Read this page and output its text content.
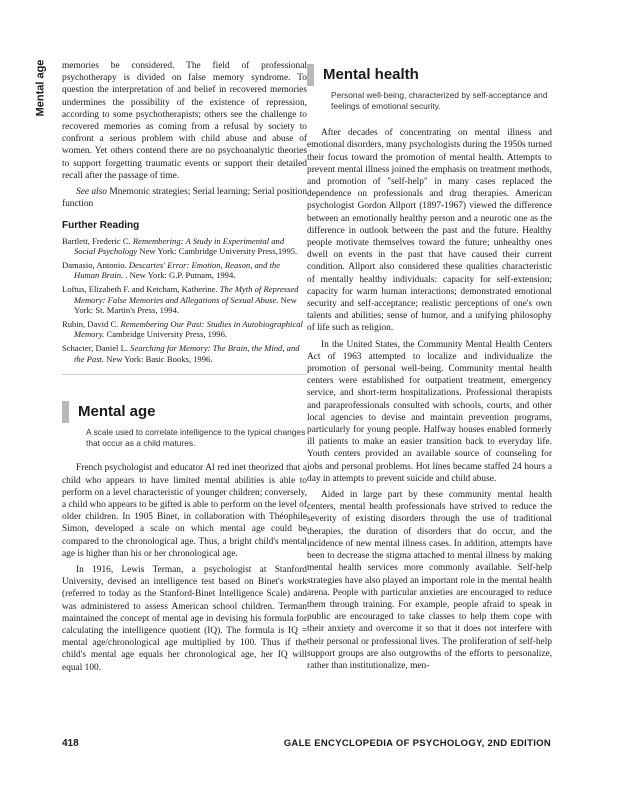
Mental age memories be considered. The field of professional psychotherapy is divided on false memory syndrome. To question the interpretation of and belief in recovered memories undermines the possibility of the existence of repression, according to some psychotherapists; others see the challenge to recovered memories as coming from a refusal by society to confront a serious problem with child abuse and abuse of women. Yet others contend there are no psychoanalytic theories to support forgetting traumatic events or support their detailed recall after the passage of time.

See also Mnemonic strategies; Serial learning; Serial position function

Further Reading

Bartlett, Frederic C. Remembering: A Study in Experimental and Social Psychology New York: Cambridge University Press,1995.

Damasio, Antonio. Descartes' Error: Emotion, Reason, and the Human Brain. . New York: G.P. Putnam, 1994.

Loftus, Elizabeth F. and Ketcham, Katherine. The Myth of Repressed Memory: False Memories and Allegations of Sexual Abuse. New York: St. Martin's Press, 1994.

Rubin, David C. Remembering Our Past: Studies in Autobiographical Memory. Cambridge University Press, 1996.

Schacter, Daniel L. Searching for Memory: The Brain, the Mind, and the Past. New York: Basic Books, 1996.

Mental age
A scale used to correlate intelligence to the typical changes that occur as a child matures.

French psychologist and educator Al red inet theorized that a child who appears to have limited mental abilities is able to perform on a level characteristic of younger children; conversely, a child who appears to be gifted is able to perform on the level of older children. In 1905 Binet, in collaboration with Théophile Simon, developed a scale on which mental age could be compared to the chronological age. Thus, a bright child's mental age is higher than his or her chronological age.

In 1916, Lewis Terman, a psychologist at Stanford University, devised an intelligence test based on Binet's work (referred to today as the Stanford-Binet Intelligence Scale) and was administered to assess American school children. Terman maintained the concept of mental age in devising his formula for calculating the intelligence quotient (IQ). The formula is IQ = mental age/chronological age multiplied by 100. Thus if the child's mental age equals her chronological age, her IQ will equal 100.

Mental health
Personal well-being, characterized by self-acceptance and feelings of emotional security.

After decades of concentrating on mental illness and emotional disorders, many psychologists during the 1950s turned their focus toward the promotion of mental health. Attempts to prevent mental illness joined the emphasis on treatment methods, and promotion of "self-help" in many cases replaced the dependence on professionals and drug therapies. American psychologist Gordon Allport (1897-1967) viewed the difference between an emotionally healthy person and a neurotic one as the difference in outlook between the past and the future. Healthy people motivate themselves toward the future; unhealthy ones dwell on events in the past that have caused their current condition. Allport also considered these qualities characteristic of mentally healthy individuals: capacity for self-extension; capacity for warm human interactions; demonstrated emotional security and self-acceptance; realistic perceptions of one's own talents and abilities; sense of humor, and a unifying philosophy of life such as religion.

In the United States, the Community Mental Health Centers Act of 1963 attempted to localize and individualize the promotion of personal well-being. Community mental health centers were established for outpatient treatment, emergency service, and short-term hospitalizations. Professional therapists and paraprofessionals consulted with schools, courts, and other local agencies to devise and maintain prevention programs, particularly for young people. Halfway houses enabled formerly ill patients to make an easier transition back to everyday life. Youth centers provided an available source of counseling for jobs and personal problems. Hot lines became staffed 24 hours a day in attempts to prevent suicide and child abuse.

Aided in large part by these community mental health centers, mental health professionals have strived to reduce the severity of existing disorders through the use of traditional therapies, the duration of disorders that do occur, and the incidence of new mental illness cases. In addition, attempts have been to decrease the stigma attached to mental illness by making mental health services more commonly available. Self-help strategies have also played an important role in the mental health arena. People with particular anxieties are encouraged to reduce them through training. For example, people afraid to speak in public are encouraged to take classes to help them cope with their anxiety and overcome it so that it does not interfere with their personal or professional lives. The proliferation of self-help support groups are also outgrowths of the efforts to personalize, rather than institutionalize, men-

418	GALE ENCYCLOPEDIA OF PSYCHOLOGY, 2ND EDITION
